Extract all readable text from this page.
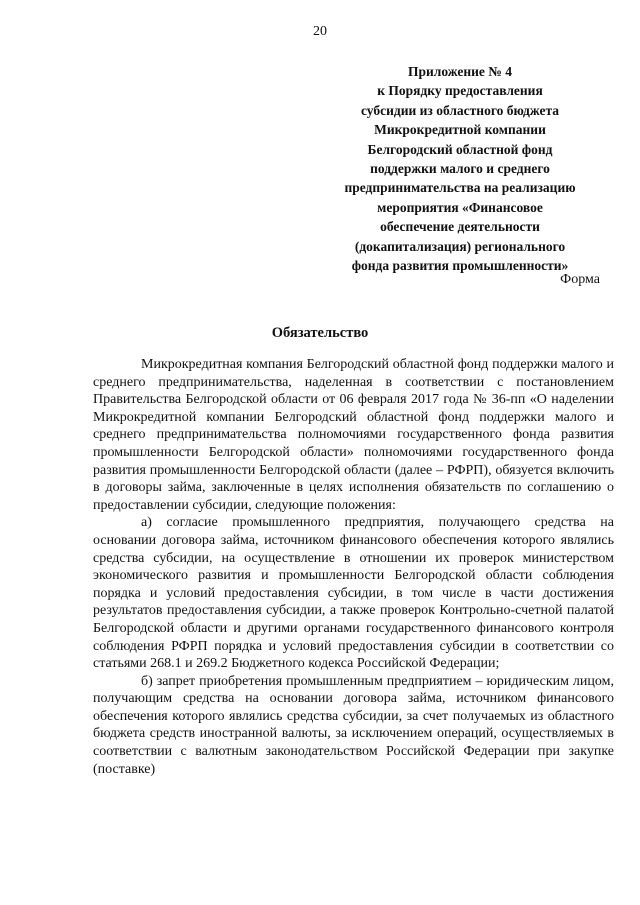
20
Приложение № 4
к Порядку предоставления
субсидии из областного бюджета
Микрокредитной компании
Белгородский областной фонд
поддержки малого и среднего
предпринимательства на реализацию
мероприятия «Финансовое
обеспечение деятельности
(докапитализация) регионального
фонда развития промышленности»
Форма
Обязательство

Микрокредитная компания Белгородский областной фонд поддержки малого и среднего предпринимательства, наделенная в соответствии с постановлением Правительства Белгородской области от 06 февраля 2017 года № 36-пп «О наделении Микрокредитной компании Белгородский областной фонд поддержки малого и среднего предпринимательства полномочиями государственного фонда развития промышленности Белгородской области» полномочиями государственного фонда развития промышленности Белгородской области (далее – РФРП), обязуется включить в договоры займа, заключенные в целях исполнения обязательств по соглашению о предоставлении субсидии, следующие положения:

а) согласие промышленного предприятия, получающего средства на основании договора займа, источником финансового обеспечения которого являлись средства субсидии, на осуществление в отношении их проверок министерством экономического развития и промышленности Белгородской области соблюдения порядка и условий предоставления субсидии, в том числе в части достижения результатов предоставления субсидии, а также проверок Контрольно-счетной палатой Белгородской области и другими органами государственного финансового контроля соблюдения РФРП порядка и условий предоставления субсидии в соответствии со статьями 268.1 и 269.2 Бюджетного кодекса Российской Федерации;

б) запрет приобретения промышленным предприятием – юридическим лицом, получающим средства на основании договора займа, источником финансового обеспечения которого являлись средства субсидии, за счет получаемых из областного бюджета средств иностранной валюты, за исключением операций, осуществляемых в соответствии с валютным законодательством Российской Федерации при закупке (поставке)
